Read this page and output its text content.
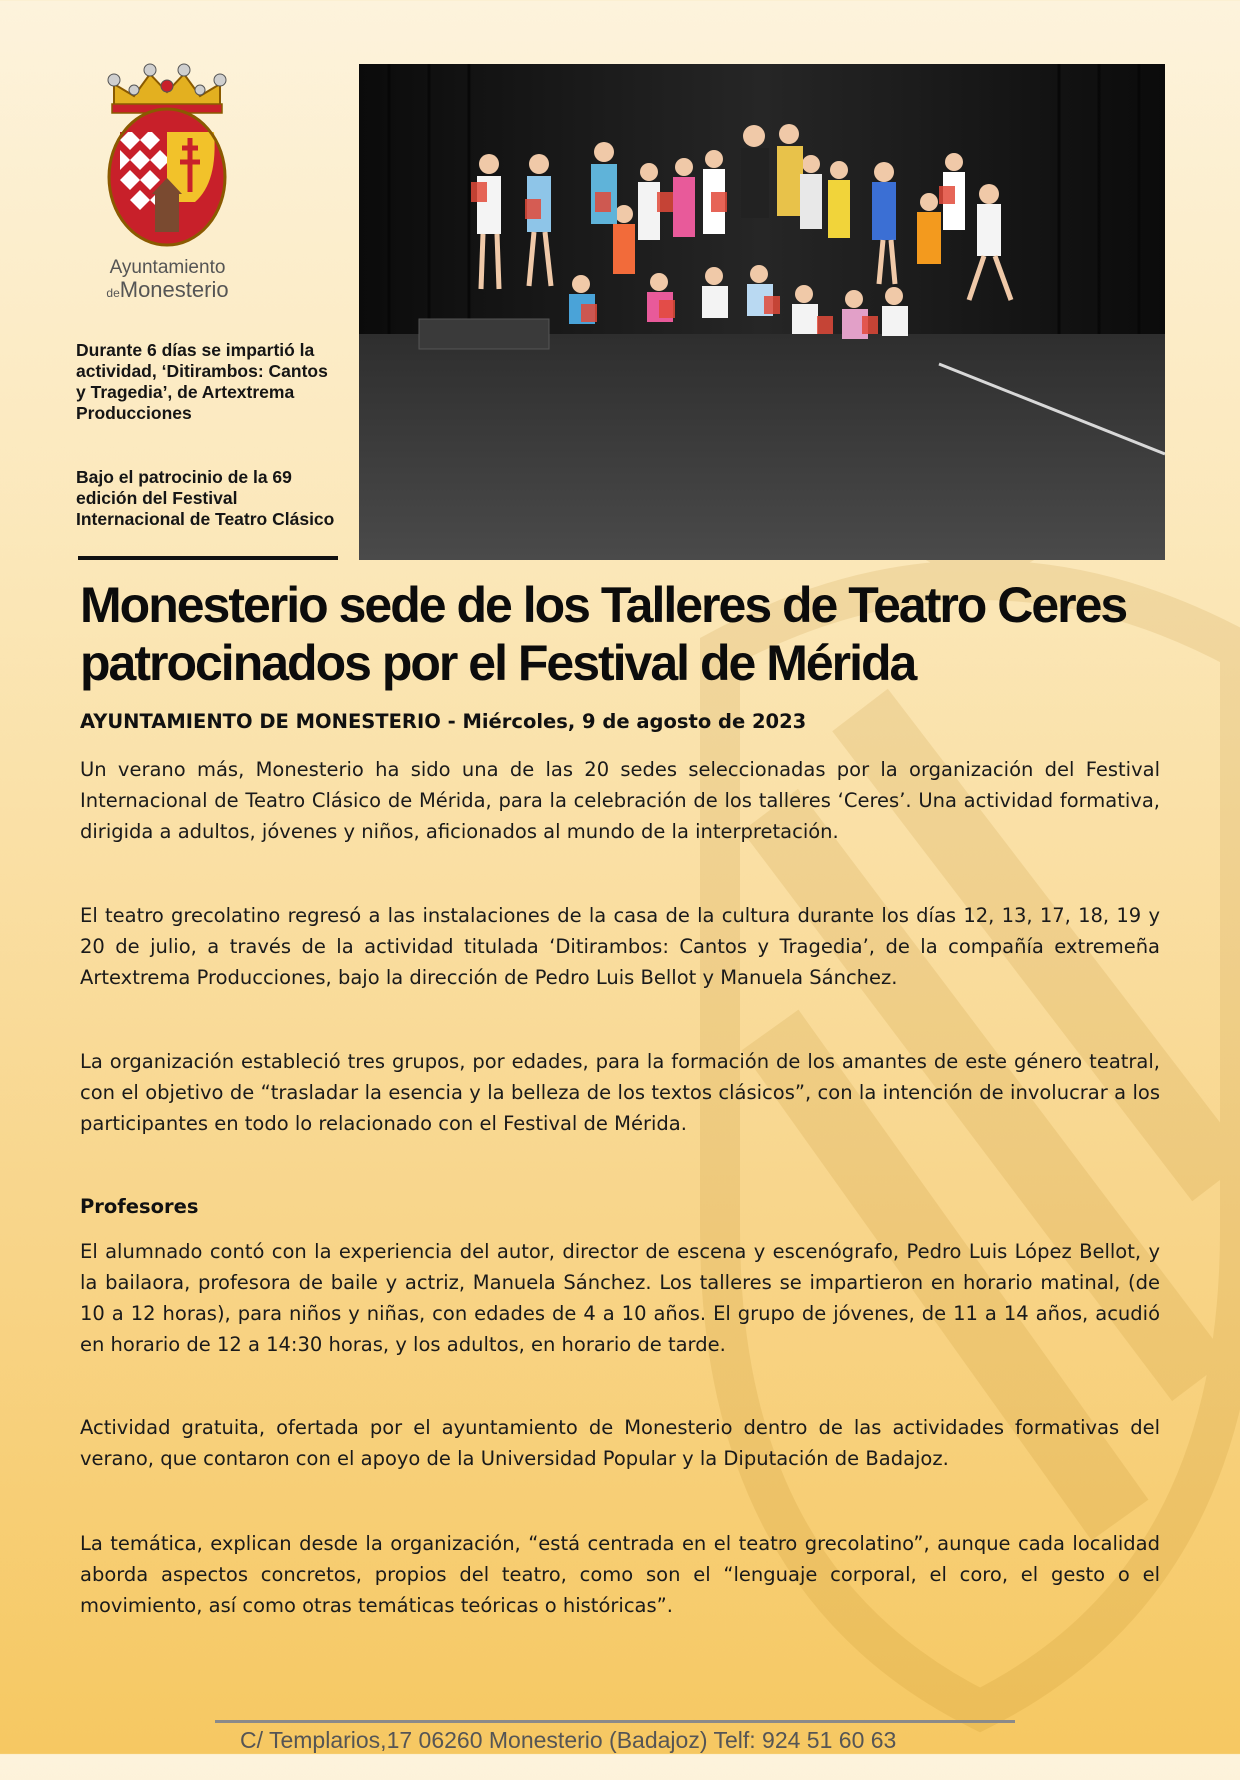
Ayuntamiento
deMonesterio
Durante 6 días se impartió la actividad, ‘Ditirambos: Cantos y Tragedia’, de Artextrema Producciones
Bajo el patrocinio de la 69 edición del Festival Internacional de Teatro Clásico
Monesterio sede de los Talleres de Teatro Ceres patrocinados por el Festival de Mérida
AYUNTAMIENTO DE MONESTERIO - Miércoles, 9 de agosto de 2023

Un verano más, Monesterio ha sido una de las 20 sedes seleccionadas por la organización del Festival Internacional de Teatro Clásico de Mérida, para la celebración de los talleres ‘Ceres’. Una actividad formativa, dirigida a adultos, jóvenes y niños, aficionados al mundo de la interpretación.

El teatro grecolatino regresó a las instalaciones de la casa de la cultura durante los días 12, 13, 17, 18, 19 y 20 de julio, a través de la actividad titulada ‘Ditirambos: Cantos y Tragedia’, de la compañía extremeña Artextrema Producciones, bajo la dirección de Pedro Luis Bellot y Manuela Sánchez.

La organización estableció tres grupos, por edades, para la formación de los amantes de este género teatral, con el objetivo de “trasladar la esencia y la belleza de los textos clásicos”, con la intención de involucrar a los participantes en todo lo relacionado con el Festival de Mérida.

Profesores

El alumnado contó con la experiencia del autor, director de escena y escenógrafo, Pedro Luis López Bellot, y la bailaora, profesora de baile y actriz, Manuela Sánchez. Los talleres se impartieron en horario matinal, (de 10 a 12 horas), para niños y niñas, con edades de 4 a 10 años. El grupo de jóvenes, de 11 a 14 años, acudió en horario de 12 a 14:30 horas, y los adultos, en horario de tarde.

Actividad gratuita, ofertada por el ayuntamiento de Monesterio dentro de las actividades formativas del verano, que contaron con el apoyo de la Universidad Popular y la Diputación de Badajoz.

La temática, explican desde la organización, “está centrada en el teatro grecolatino”, aunque cada localidad aborda aspectos concretos, propios del teatro, como son el “lenguaje corporal, el coro, el gesto o el movimiento, así como otras temáticas teóricas o históricas”.

C/ Templarios,17 06260 Monesterio (Badajoz) Telf: 924 51 60 63
